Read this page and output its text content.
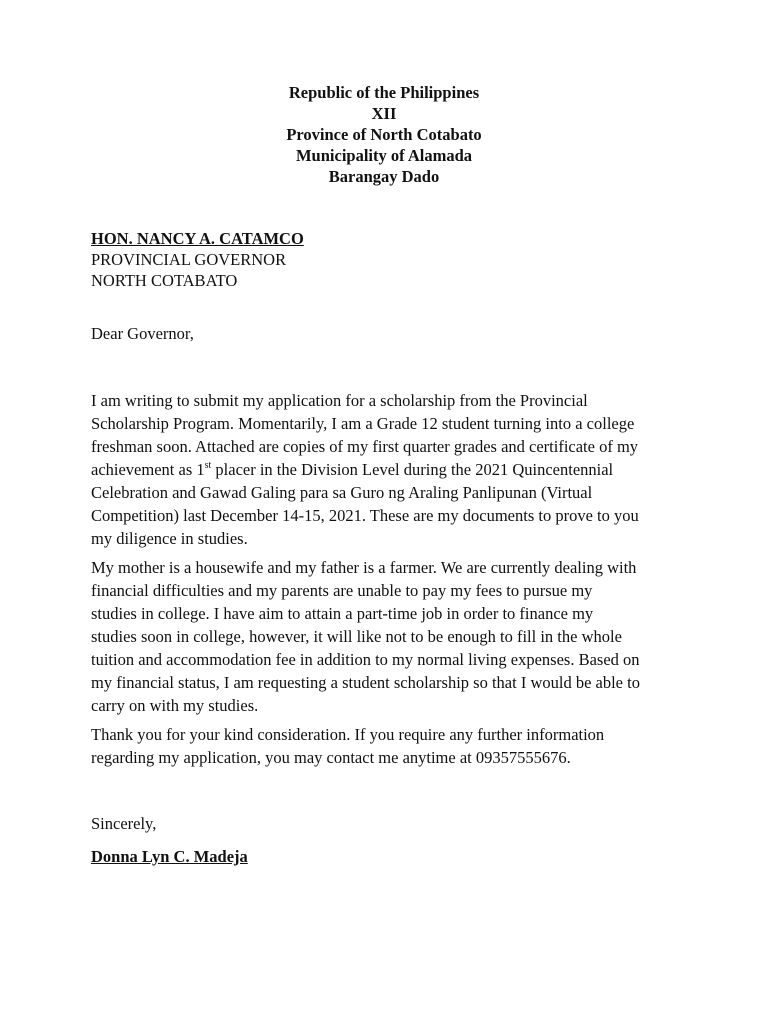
Republic of the Philippines
XII
Province of North Cotabato
Municipality of Alamada
Barangay Dado
HON. NANCY A. CATAMCO
PROVINCIAL GOVERNOR
NORTH COTABATO
Dear Governor,
I am writing to submit my application for a scholarship from the Provincial
Scholarship Program. Momentarily, I am a Grade 12 student turning into a college
freshman soon. Attached are copies of my first quarter grades and certificate of my
achievement as 1st placer in the Division Level during the 2021 Quincentennial
Celebration and Gawad Galing para sa Guro ng Araling Panlipunan (Virtual
Competition) last December 14-15, 2021. These are my documents to prove to you
my diligence in studies.
My mother is a housewife and my father is a farmer. We are currently dealing with
financial difficulties and my parents are unable to pay my fees to pursue my
studies in college. I have aim to attain a part-time job in order to finance my
studies soon in college, however, it will like not to be enough to fill in the whole
tuition and accommodation fee in addition to my normal living expenses. Based on
my financial status, I am requesting a student scholarship so that I would be able to
carry on with my studies.
Thank you for your kind consideration. If you require any further information
regarding my application, you may contact me anytime at 09357555676.
Sincerely,
Donna Lyn C. Madeja
